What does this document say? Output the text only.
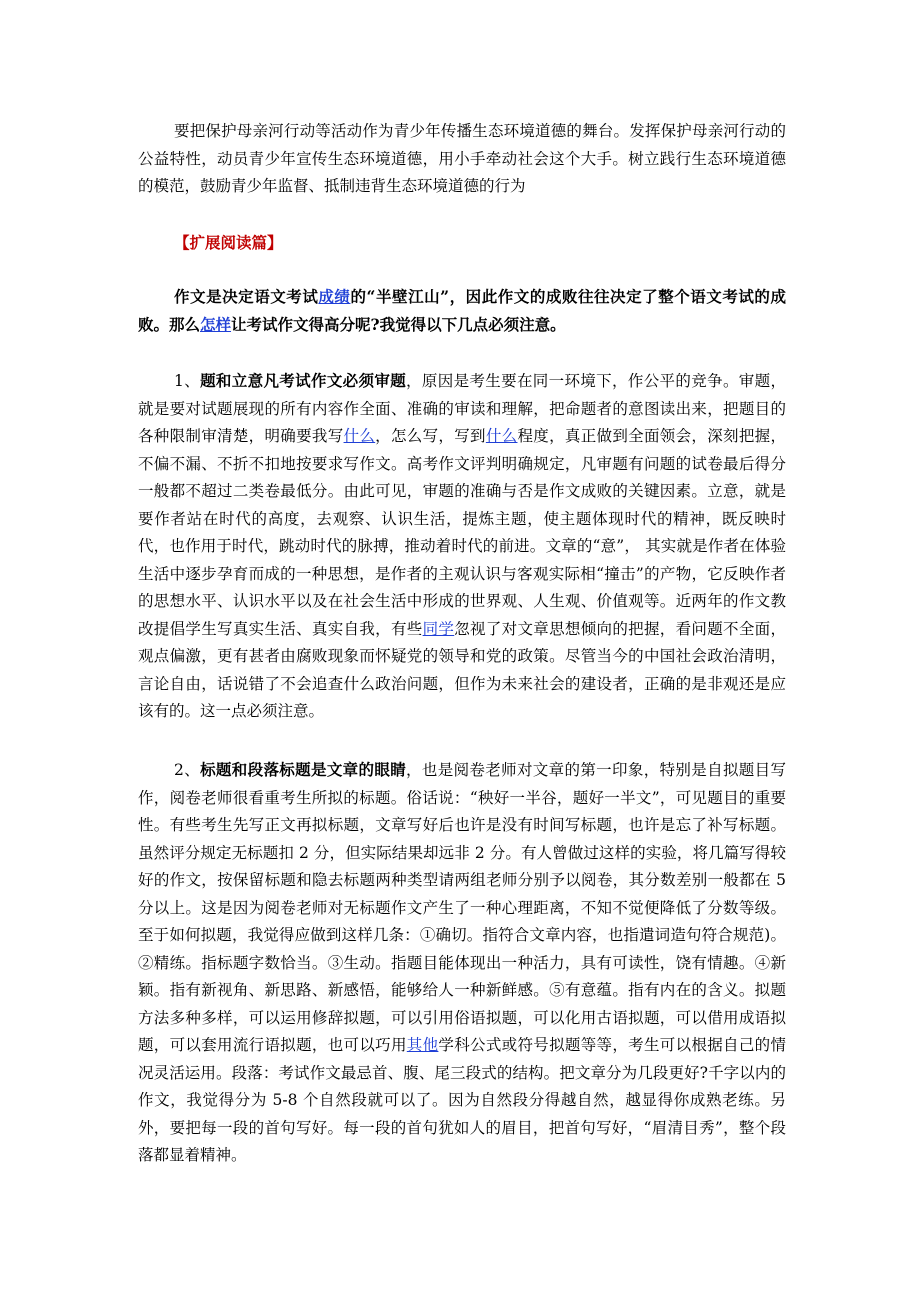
要把保护母亲河行动等活动作为青少年传播生态环境道德的舞台。发挥保护母亲河行动的公益特性，动员青少年宣传生态环境道德，用小手牵动社会这个大手。树立践行生态环境道德的模范，鼓励青少年监督、抵制违背生态环境道德的行为

【扩展阅读篇】

作文是决定语文考试成绩的“半壁江山”，因此作文的成败往往决定了整个语文考试的成败。那么怎样让考试作文得高分呢?我觉得以下几点必须注意。

1、题和立意凡考试作文必须审题，原因是考生要在同一环境下，作公平的竞争。审题，就是要对试题展现的所有内容作全面、准确的审读和理解，把命题者的意图读出来，把题目的各种限制审清楚，明确要我写什么，怎么写，写到什么程度，真正做到全面领会，深刻把握，不偏不漏、不折不扣地按要求写作文。高考作文评判明确规定，凡审题有问题的试卷最后得分一般都不超过二类卷最低分。由此可见，审题的准确与否是作文成败的关键因素。立意，就是要作者站在时代的高度，去观察、认识生活，提炼主题，使主题体现时代的精神，既反映时代，也作用于时代，跳动时代的脉搏，推动着时代的前进。文章的“意”， 其实就是作者在体验生活中逐步孕育而成的一种思想，是作者的主观认识与客观实际相“撞击”的产物，它反映作者的思想水平、认识水平以及在社会生活中形成的世界观、人生观、价值观等。近两年的作文教改提倡学生写真实生活、真实自我，有些同学忽视了对文章思想倾向的把握，看问题不全面，观点偏激，更有甚者由腐败现象而怀疑党的领导和党的政策。尽管当今的中国社会政治清明，言论自由，话说错了不会追查什么政治问题，但作为未来社会的建设者，正确的是非观还是应该有的。这一点必须注意。

2、标题和段落标题是文章的眼睛，也是阅卷老师对文章的第一印象，特别是自拟题目写作，阅卷老师很看重考生所拟的标题。俗话说：“秧好一半谷，题好一半文”，可见题目的重要性。有些考生先写正文再拟标题，文章写好后也许是没有时间写标题，也许是忘了补写标题。虽然评分规定无标题扣 2 分，但实际结果却远非 2 分。有人曾做过这样的实验，将几篇写得较好的作文，按保留标题和隐去标题两种类型请两组老师分别予以阅卷，其分数差别一般都在 5 分以上。这是因为阅卷老师对无标题作文产生了一种心理距离，不知不觉便降低了分数等级。至于如何拟题，我觉得应做到这样几条：①确切。指符合文章内容，也指遣词造句符合规范)。②精练。指标题字数恰当。③生动。指题目能体现出一种活力，具有可读性，饶有情趣。④新颖。指有新视角、新思路、新感悟，能够给人一种新鲜感。⑤有意蕴。指有内在的含义。拟题方法多种多样，可以运用修辞拟题，可以引用俗语拟题，可以化用古语拟题，可以借用成语拟题，可以套用流行语拟题，也可以巧用其他学科公式或符号拟题等等，考生可以根据自己的情况灵活运用。段落：考试作文最忌首、腹、尾三段式的结构。把文章分为几段更好?千字以内的作文，我觉得分为 5-8 个自然段就可以了。因为自然段分得越自然，越显得你成熟老练。另外，要把每一段的首句写好。每一段的首句犹如人的眉目，把首句写好，“眉清目秀”，整个段落都显着精神。
